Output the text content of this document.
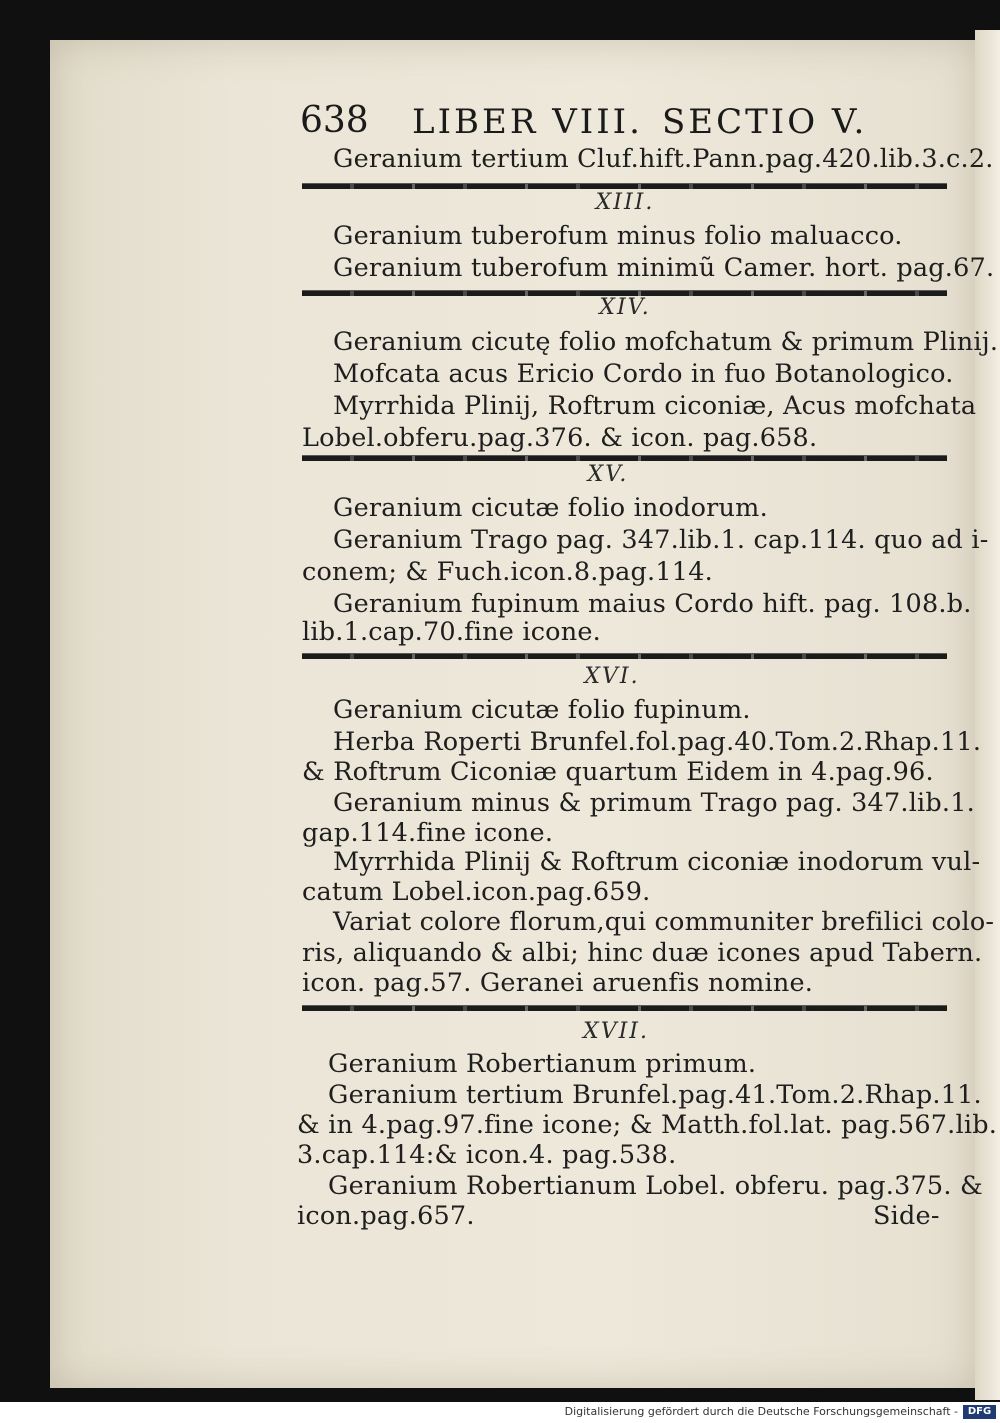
638 LIBER VIII. SECTIO V.
Geranium tertium Cluf.hift.Pann.pag.420.lib.3.c.2.
XIII.
Geranium tuberofum minus folio maluacco.
Geranium tuberofum minimũ Camer. hort. pag.67.
XIV.
Geranium cicutę folio mofchatum & primum Plinij.
Mofcata acus Ericio Cordo in fuo Botanologico.
Myrrhida Plinij, Roftrum ciconiæ, Acus mofchata
Lobel.obferu.pag.376. & icon. pag.658.
XV.
Geranium cicutæ folio inodorum.
Geranium Trago pag. 347.lib.1. cap.114. quo ad i-
conem; & Fuch.icon.8.pag.114.
Geranium fupinum maius Cordo hift. pag. 108.b.
lib.1.cap.70.fine icone.
XVI.
Geranium cicutæ folio fupinum.
Herba Roperti Brunfel.fol.pag.40.Tom.2.Rhap.11.
& Roftrum Ciconiæ quartum Eidem in 4.pag.96.
Geranium minus & primum Trago pag. 347.lib.1.
gap.114.fine icone.
Myrrhida Plinij & Roftrum ciconiæ inodorum vul-
catum Lobel.icon.pag.659.
Variat colore florum,qui communiter brefilici colo-
ris, aliquando & albi; hinc duæ icones apud Tabern.
icon. pag.57. Geranei aruenfis nomine.
XVII.
Geranium Robertianum primum.
Geranium tertium Brunfel.pag.41.Tom.2.Rhap.11.
& in 4.pag.97.fine icone; & Matth.fol.lat. pag.567.lib.
3.cap.114:& icon.4. pag.538.
Geranium Robertianum Lobel. obferu. pag.375. &
icon.pag.657.	Side-
Digitalisierung gefördert durch die Deutsche Forschungsgemeinschaft - DFG
